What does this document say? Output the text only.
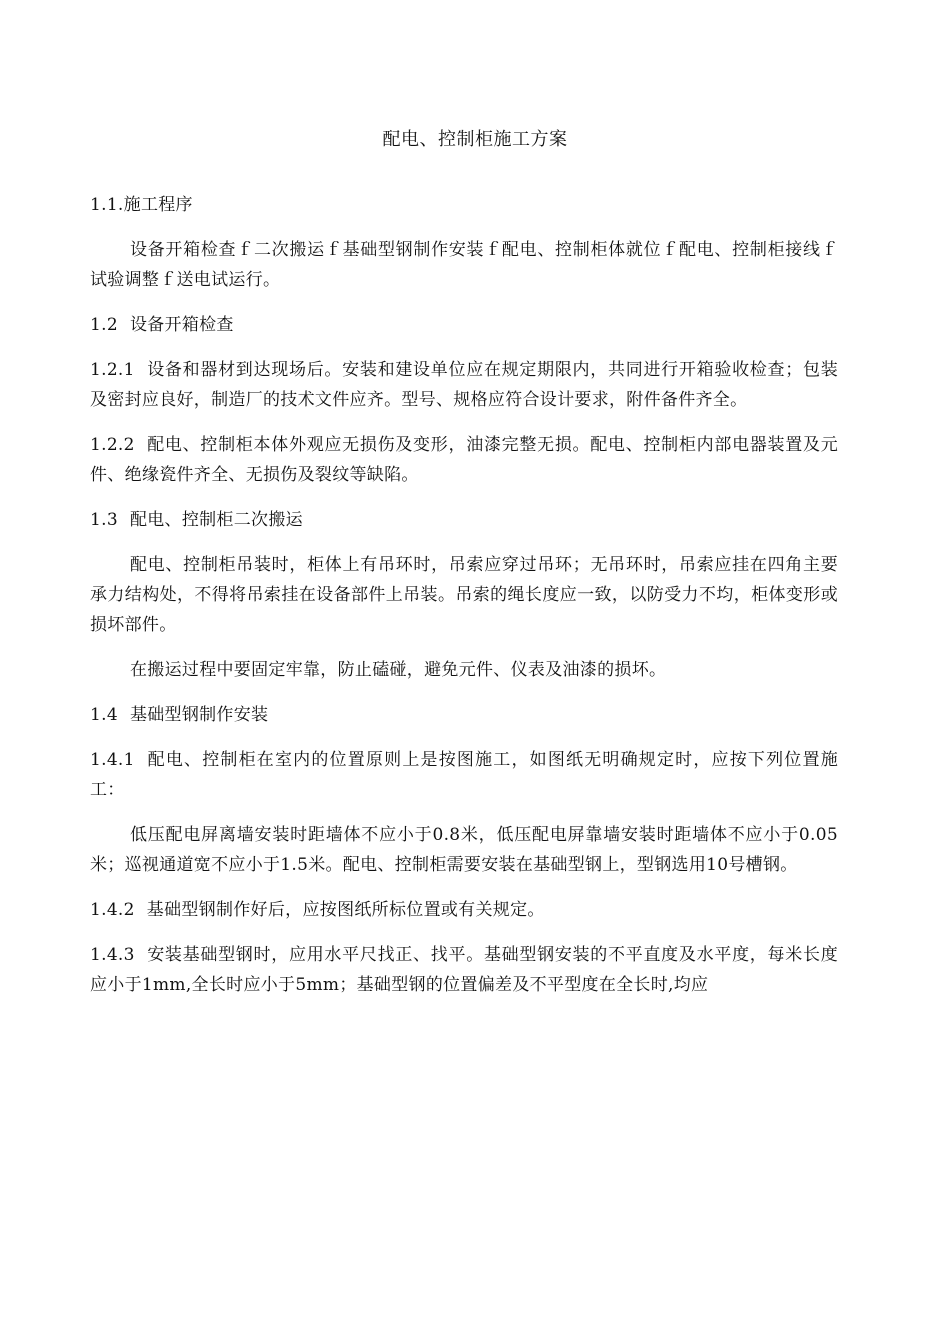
配电、控制柜施工方案
1.1.施工程序

设备开箱检查ｆ二次搬运ｆ基础型钢制作安装ｆ配电、控制柜体就位ｆ配电、控制柜接线ｆ试验调整ｆ送电试运行。

1.2 设备开箱检查

1.2.1 设备和器材到达现场后。安装和建设单位应在规定期限内，共同进行开箱验收检查；包装及密封应良好，制造厂的技术文件应齐。型号、规格应符合设计要求，附件备件齐全。

1.2.2 配电、控制柜本体外观应无损伤及变形，油漆完整无损。配电、控制柜内部电器装置及元件、绝缘瓷件齐全、无损伤及裂纹等缺陷。

1.3 配电、控制柜二次搬运

配电、控制柜吊装时，柜体上有吊环时，吊索应穿过吊环；无吊环时，吊索应挂在四角主要承力结构处，不得将吊索挂在设备部件上吊装。吊索的绳长度应一致，以防受力不均，柜体变形或损坏部件。

在搬运过程中要固定牢靠，防止磕碰，避免元件、仪表及油漆的损坏。

1.4 基础型钢制作安装

1.4.1 配电、控制柜在室内的位置原则上是按图施工，如图纸无明确规定时，应按下列位置施工：

低压配电屏离墙安装时距墙体不应小于0.8米，低压配电屏靠墙安装时距墙体不应小于0.05米；巡视通道宽不应小于1.5米。配电、控制柜需要安装在基础型钢上，型钢选用10号槽钢。

1.4.2 基础型钢制作好后，应按图纸所标位置或有关规定。

1.4.3 安装基础型钢时，应用水平尺找正、找平。基础型钢安装的不平直度及水平度，每米长度应小于1mm,全长时应小于5mm；基础型钢的位置偏差及不平型度在全长时,均应
